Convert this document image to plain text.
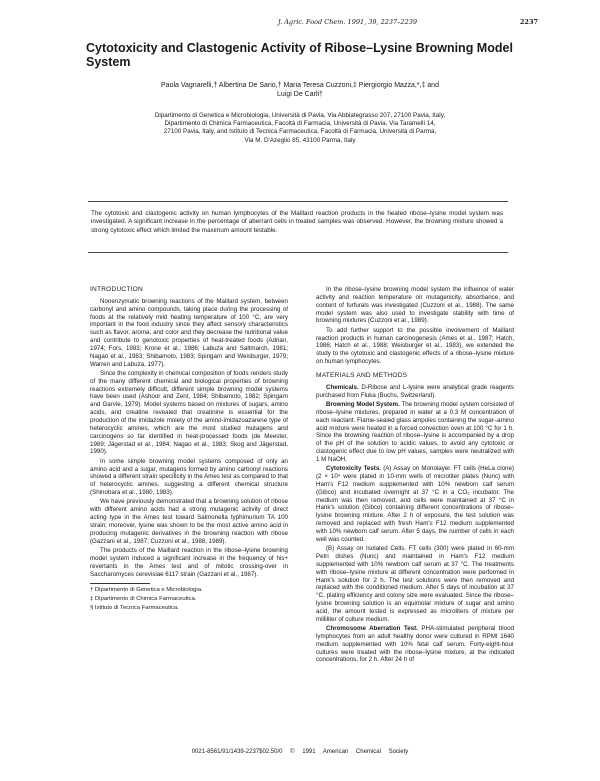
J. Agric. Food Chem. 1991, 39, 2237–2239	2237
Cytotoxicity and Clastogenic Activity of Ribose–Lysine Browning Model System
Paola Vagnarelli,† Albertina De Sario,† Maria Teresa Cuzzoni,‡ Piergiorgio Mazza,*,‡ and
Luigi De Carli†
Dipartimento di Genetica e Microbiologia, Università di Pavia, Via Abbiategrasso 207, 27100 Pavia, Italy,
Dipartimento di Chimica Farmaceutica, Facoltà di Farmacia, Università di Pavia, Via Taramelli 14,
27100 Pavia, Italy, and Istituto di Tecnica Farmaceutica, Facoltà di Farmacia, Università di Parma,
Via M. D'Azeglio 85, 43100 Parma, Italy

The cytotoxic and clastogenic activity on human lymphocytes of the Maillard reaction products in the heated ribose–lysine model system was investigated. A significant increase in the percentage of aberrant cells in treated samples was observed. However, the browning mixture showed a strong cytotoxic effect which limited the maximum amount testable.

INTRODUCTION

Nonenzymatic browning reactions of the Maillard system, between carbonyl and amino compounds, taking place during the processing of foods at the relatively mild heating temperature of 100 °C, are very important in the food industry since they affect sensory characteristics such as flavor, aroma, and color and they decrease the nutritional value and contribute to genotoxic properties of heat-treated foods (Adrian, 1974; Fors, 1983; Krone et al., 1986; Labuza and Saltmarch, 1981; Nagao et al., 1983; Shibamoto, 1983; Spingarn and Weisburger, 1979; Warren and Labuza, 1977).

Since the complexity in chemical composition of foods renders study of the many different chemical and biological properties of browning reactions extremely difficult, different simple browning model systems have been used (Ashoor and Zent, 1984; Shibamoto, 1982; Spingarn and Garvie, 1979). Model systems based on mixtures of sugars, amino acids, and creatine revealed that creatinine is essential for the production of the imidazole moiety of the amino-imidazoazarene type of heterocyclic amines, which are the most studied mutagens and carcinogens so far identified in heat-processed foods (de Meester, 1989; Jägerstad et al., 1984; Nagao et al., 1983; Skog and Jägerstad, 1990).

In some simple browning model systems composed of only an amino acid and a sugar, mutagens formed by amino carbonyl reactions showed a different strain specificity in the Ames test as compared to that of heterocyclic amines, suggesting a different chemical structure (Shinohara et al., 1980, 1983).

We have previously demonstrated that a browning solution of ribose with different amino acids had a strong mutagenic activity of direct acting type in the Ames test toward Salmonella typhimurium TA 100 strain; moreover, lysine was shown to be the most active amino acid in producing mutagenic derivatives in the browning reaction with ribose (Gazzani et al., 1987; Cuzzoni et al., 1988, 1989).

The products of the Maillard reaction in the ribose–lysine browning model system induced a significant increase in the frequency of his+ revertants in the Ames test and of mitotic crossing-over in Saccharomyces cerevisiae 6117 strain (Gazzani et al., 1987).

† Dipartimento di Genetica e Microbiologia.

‡ Dipartimento di Chimica Farmaceutica.

§ Istituto di Tecnica Farmaceutica.

In the ribose–lysine browning model system the influence of water activity and reaction temperature on mutagenicity, absorbance, and content of furfurals was investigated (Cuzzoni et al., 1988). The same model system was also used to investigate stability with time of browning mixtures (Cuzzoni et al., 1989).

To add further support to the possible involvement of Maillard reaction products in human carcinogenesis (Ames et al., 1987; Hatch, 1986; Hatch et al., 1988; Weisburger et al., 1983), we extended the study to the cytotoxic and clastogenic effects of a ribose–lysine mixture on human lymphocytes.

MATERIALS AND METHODS

Chemicals. D-Ribose and L-lysine were analytical grade reagents purchased from Fluka (Buchs, Switzerland).

Browning Model System. The browning model system consisted of ribose–lysine mixtures, prepared in water at a 0.3 M concentration of each reactant. Flame-sealed glass ampules containing the sugar–amino acid mixture were heated in a forced convection oven at 100 °C for 1 h. Since the browning reaction of ribose–lysine is accompanied by a drop of the pH of the solution to acidic values, to avoid any cytotoxic or clastogenic effect due to low pH values, samples were neutralized with 1 M NaOH.

Cytotoxicity Tests. (A) Assay on Monolayer. FT cells (HeLa clone) (2 × 10⁴ were plated in 10-mm wells of microtiter plates (Nunc) with Ham's F12 medium supplemented with 10% newborn calf serum (Gibco) and incubated overnight at 37 °C in a CO₂ incubator. The medium was then removed, and cells were maintained at 37 °C in Hank's solution (Gibco) containing different concentrations of ribose–lysine browning mixture. After 2 h of exposure, the test solution was removed and replaced with fresh Ham's F12 medium supplemented with 10% newborn calf serum. After 5 days, the number of cells in each well was counted.

(B) Assay on Isolated Cells. FT cells (300) were plated in 60-mm Petri dishes (Nunc) and maintained in Ham's F12 medium supplemented with 10% newborn calf serum at 37 °C. The treatments with ribose–lysine mixture at different concentration were performed in Hank's solution for 2 h. The test solutions were then removed and replaced with the conditioned medium. After 5 days of incubation at 37 °C, plating efficiency and colony size were evaluated. Since the ribose–lysine browning solution is an equimolar mixture of sugar and amino acid, the amount tested is expressed as microliters of mixture per milliliter of culture medium.

Chromosome Aberration Test. PHA-stimulated peripheral blood lymphocytes from an adult healthy donor were cultured in RPMI 1640 medium supplemented with 10% fetal calf serum. Forty-eight-hour cultures were treated with the ribose–lysine mixture, at the indicated concentrations, for 2 h. After 24 h of

0021-8561/91/1439-2237$02.50/0 © 1991 American Chemical Society
